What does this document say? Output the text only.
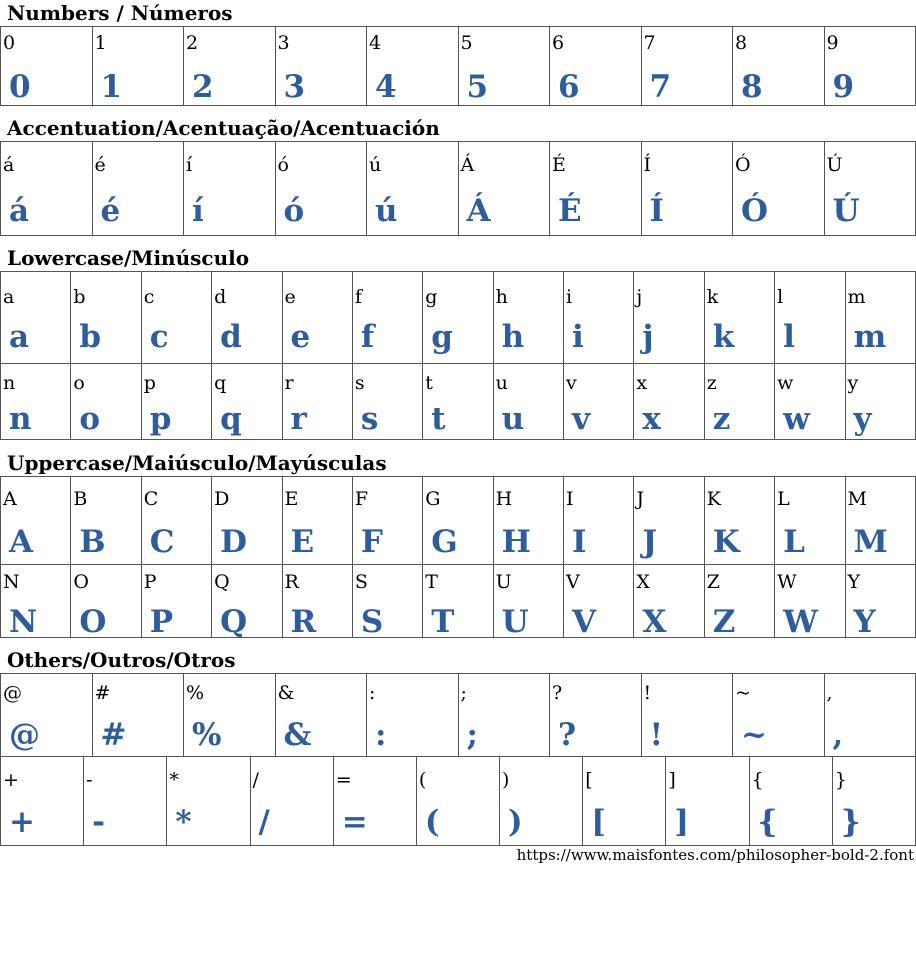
Numbers / Números
0
0
1
1
2
2
3
3
4
4
5
5
6
6
7
7
8
8
9
9
Accentuation/Acentuação/Acentuación
á
á
é
é
í
í
ó
ó
ú
ú
Á
Á
É
É
Í
Í
Ó
Ó
Ú
Ú
Lowercase/Minúsculo
a
a
b
b
c
c
d
d
e
e
f
f
g
g
h
h
i
i
j
j
k
k
l
l
m
m
n
n
o
o
p
p
q
q
r
r
s
s
t
t
u
u
v
v
x
x
z
z
w
w
y
y
Uppercase/Maiúsculo/Mayúsculas
A
A
B
B
C
C
D
D
E
E
F
F
G
G
H
H
I
I
J
J
K
K
L
L
M
M
N
N
O
O
P
P
Q
Q
R
R
S
S
T
T
U
U
V
V
X
X
Z
Z
W
W
Y
Y
Others/Outros/Otros
@
@
#
#
%
%
&
&
:
:
;
;
?
?
!
!
~
~
,
,
+
+
-
-
*
*
/
/
=
=
(
(
)
)
[
[
]
]
{
{
}
}
https://www.maisfontes.com/philosopher-bold-2.font
